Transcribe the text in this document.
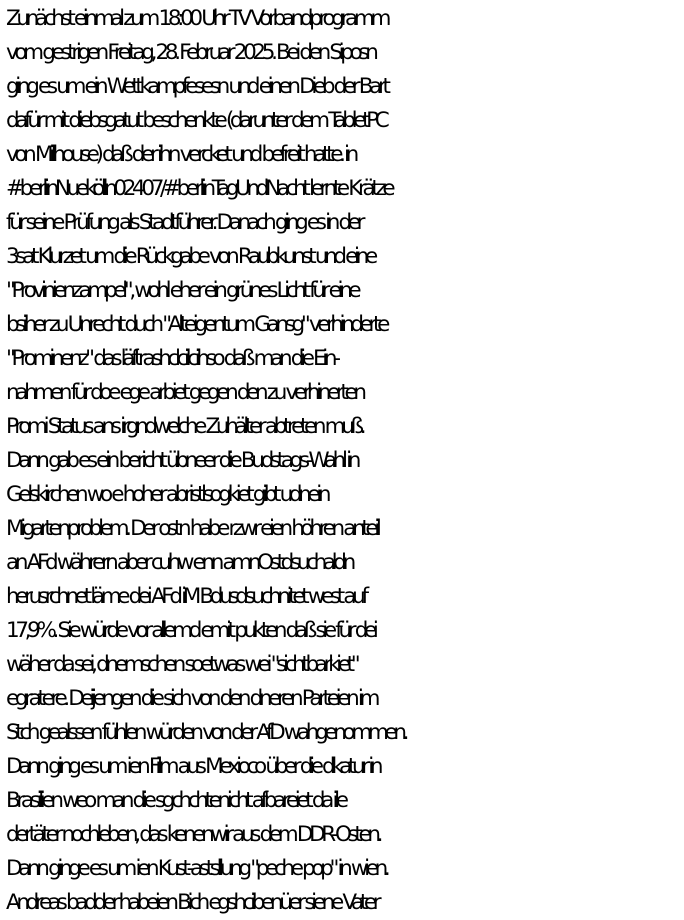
Zunächst einmal zum 18:00 Uhr TV Vorbandprogramm
vom gestrigen Freitag, 28. Februar 2025. Bei den Siposn
ging es um ein Wettkampfesesn und einen Dieb der Bart
dafür mit diebsgatut beschenkte (darunter dem TabletPC
von Milhouse) daß der ihn vercket und befreit hatte. in
#berlinNuekölln02407/#berlinTagUndNacht lernte Krätze
für seine Prüfung als Stadtführer. Danach ging es in der
3sat Klurzet um die Rückgabe von Raubkunst und eine
"Provinienzampel", wohl eher ein grünes Licht für eine
bsiher zu Unrecht duch "Alteigentum Gansg" verhinderte
"Prominenz" das läftrashclcilcihso daß man die Ein-
nahmen für doe ege arbiet gegen den zu verhinerten
Promi Status ans irgndwelche Zuhälter abtreten muß.
Dann gab es ein bericht übneer die Budstags-Wahl in
Gelskirchen wo e hoher abristlsogkiet gibt udnein
Migartenproblem. Der ostn habe rzwr eien höhren anteil
an AFd währern aber cuhw enn amnOstdsuchaldn
herusrchnet läme dei AFd iM Bdusdsuchnitet west auf
17,9%. Sie würde vor allemd emit pukten daß sie für dei
wäher da sei, dnemschen soetwas wei "sichtbarkiet"
egratere. Deijengen die sich von den dneren Parteien im
Stch gealssen fühlen würden von der AfD wahgenommen.
Dann ging es um ien Film aus Mexioco über die dkatur in
Brasilien weo man die sgchchtenicht afbareiet da ile
dertäter nochleben, das kenenwir aus dem DDR-Osten.
Dann ginge es um ien Kust-astsllung "peche pop" in wien.
Andreas badder habeien Bich egshcibenüer siene Vater
